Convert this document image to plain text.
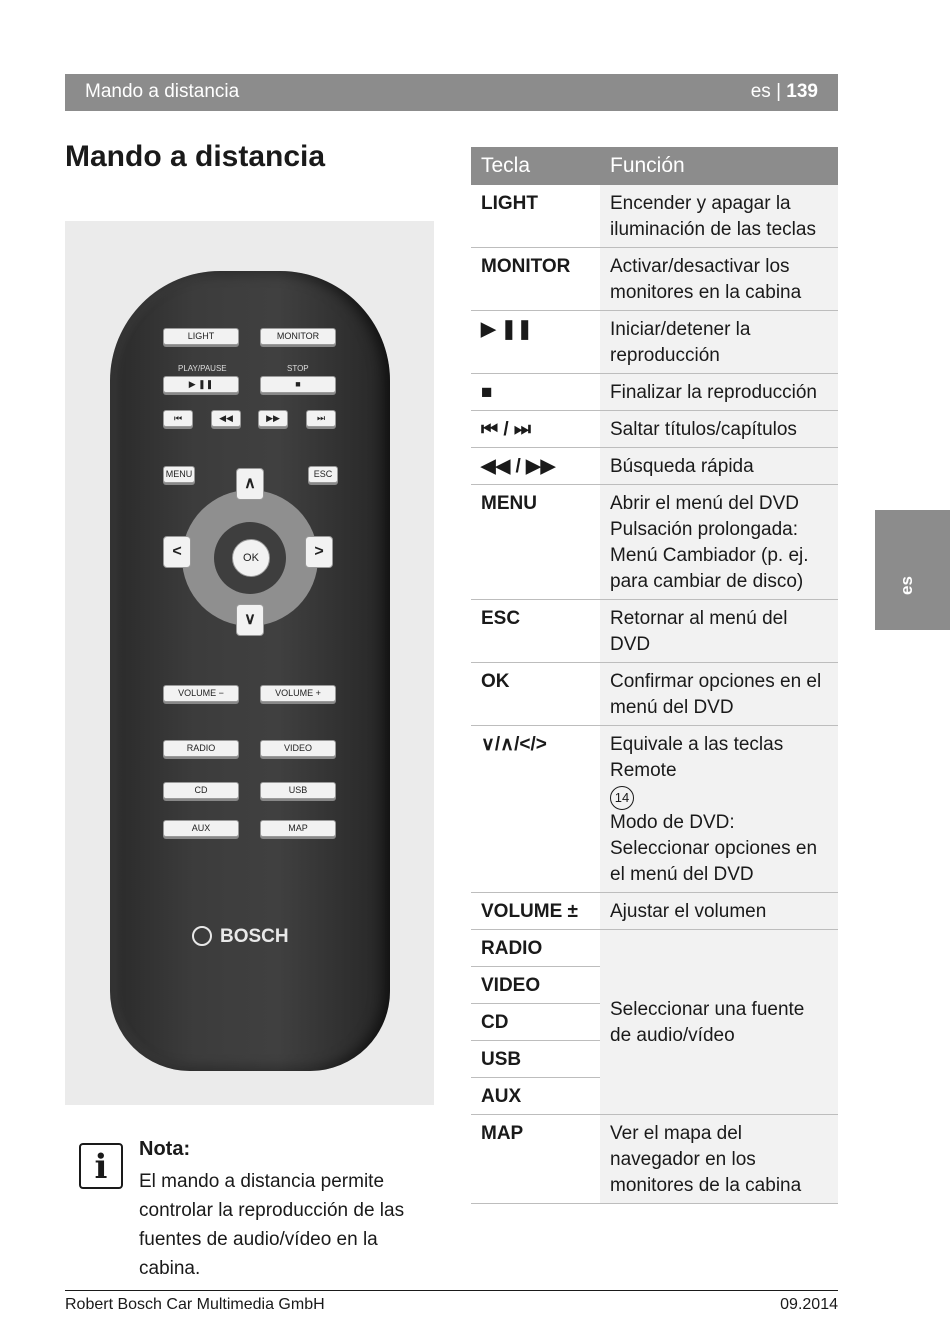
Mando a distancia	es | 139
Mando a distancia
es
LIGHT	MONITOR
PLAY/PAUSE	STOP
▶ ❚❚	■
⏮	◀◀	▶▶	⏭
MENU	ESC
∧
∨
<	>
OK
VOLUME −	VOLUME +
RADIO	VIDEO
CD	USB
AUX	MAP
BOSCH
i	Nota:
El mando a distancia permite controlar la reproducción de las fuentes de audio/vídeo en la cabina.
Tecla	Función
LIGHT	Encender y apagar la iluminación de las teclas
MONITOR	Activar/desactivar los monitores en la cabina
▶ ❚❚	Iniciar/detener la reproducción
■	Finalizar la reproducción
⏮ / ⏭	Saltar títulos/capítulos
◀◀ / ▶▶	Búsqueda rápida
MENU	Abrir el menú del DVD Pulsación prolongada: Menú Cambiador (p. ej. para cambiar de disco)
ESC	Retornar al menú del DVD
OK	Confirmar opciones en el menú del DVD
∨/∧/</>	Equivale a las teclas Remote
14
Modo de DVD: Seleccionar opciones en el menú del DVD
VOLUME ±	Ajustar el volumen
RADIO	Seleccionar una fuente de audio/vídeo
VIDEO	
CD	
USB	
AUX	
MAP	Ver el mapa del navegador en los monitores de la cabina
Robert Bosch Car Multimedia GmbH	09.2014
